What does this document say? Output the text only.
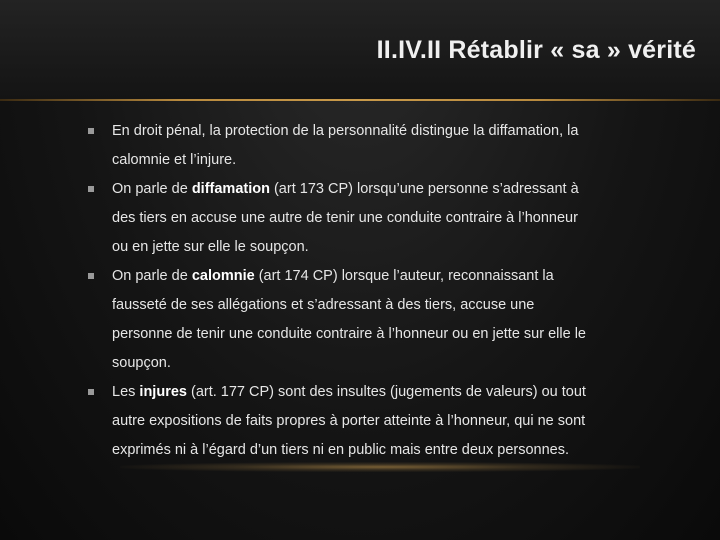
II.IV.II Rétablir « sa » vérité
En droit pénal, la protection de la personnalité distingue la diffamation, la calomnie et l’injure.
On parle de diffamation (art 173 CP) lorsqu’une personne s’adressant à des tiers en accuse une autre de tenir une conduite contraire à l’honneur ou en jette sur elle le soupçon.
On parle de calomnie (art 174 CP) lorsque l’auteur, reconnaissant la fausseté de ses allégations et s’adressant à des tiers, accuse une personne de tenir une conduite contraire à l’honneur ou en jette sur elle le soupçon.
Les injures (art. 177 CP) sont des insultes (jugements de valeurs) ou tout autre expositions de faits propres à porter atteinte à l’honneur, qui ne sont exprimés ni à l’égard d’un tiers ni en public mais entre deux personnes.
